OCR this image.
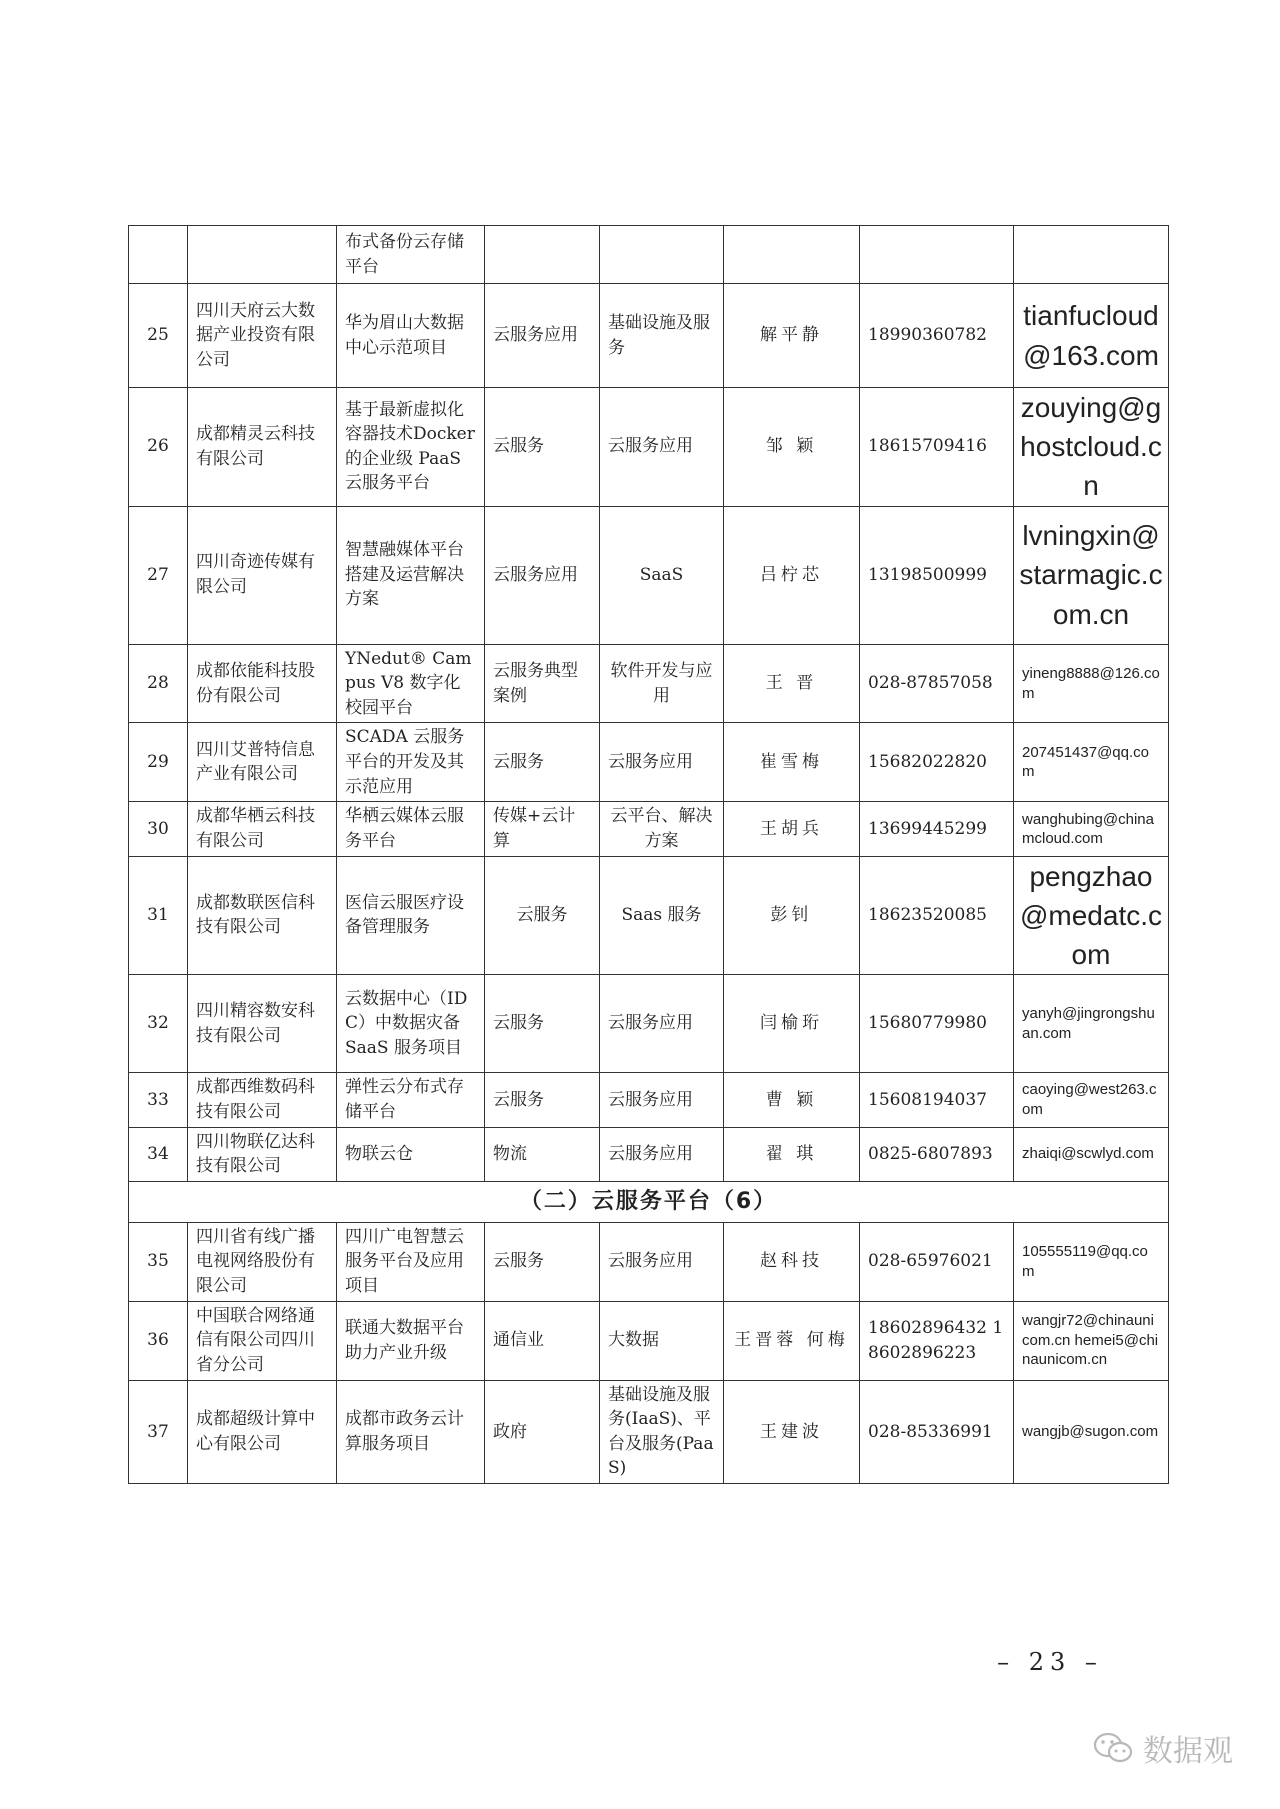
		布式备份云存储平台					
25	四川天府云大数据产业投资有限公司	华为眉山大数据中心示范项目	云服务应用	基础设施及服务	解平静	18990360782	tianfucloud@163.com
26	成都精灵云科技有限公司	基于最新虚拟化容器技术Docker的企业级 PaaS 云服务平台	云服务	云服务应用	邹 颖	18615709416	zouying@ghostcloud.cn
27	四川奇迹传媒有限公司	智慧融媒体平台搭建及运营解决方案	云服务应用	SaaS	吕柠芯	13198500999	lvningxin@starmagic.com.cn
28	成都依能科技股份有限公司	YNedut® Campus V8 数字化校园平台	云服务典型案例	软件开发与应用	王 晋	028-87857058	yineng8888@126.com
29	四川艾普特信息产业有限公司	SCADA 云服务平台的开发及其示范应用	云服务	云服务应用	崔雪梅	15682022820	207451437@qq.com
30	成都华栖云科技有限公司	华栖云媒体云服务平台	传媒+云计算	云平台、解决方案	王胡兵	13699445299	wanghubing@chinamcloud.com
31	成都数联医信科技有限公司	医信云服医疗设备管理服务	云服务	Saas 服务	彭钊	18623520085	pengzhao@medatc.com
32	四川精容数安科技有限公司	云数据中心（IDC）中数据灾备 SaaS 服务项目	云服务	云服务应用	闫榆珩	15680779980	yanyh@jingrongshuan.com
33	成都西维数码科技有限公司	弹性云分布式存储平台	云服务	云服务应用	曹 颖	15608194037	caoying@west263.com
34	四川物联亿达科技有限公司	物联云仓	物流	云服务应用	翟 琪	0825-6807893	zhaiqi@scwlyd.com
（二）云服务平台（6）							
35	四川省有线广播电视网络股份有限公司	四川广电智慧云服务平台及应用项目	云服务	云服务应用	赵科技	028-65976021	105555119@qq.com
36	中国联合网络通信有限公司四川省分公司	联通大数据平台助力产业升级	通信业	大数据	王晋蓉 何梅	18602896432 18602896223	wangjr72@chinaunicom.cn hemei5@chinaunicom.cn
37	成都超级计算中心有限公司	成都市政务云计算服务项目	政府	基础设施及服务(IaaS)、平台及服务(PaaS)	王建波	028-85336991	wangjb@sugon.com
– 23 –
数据观
